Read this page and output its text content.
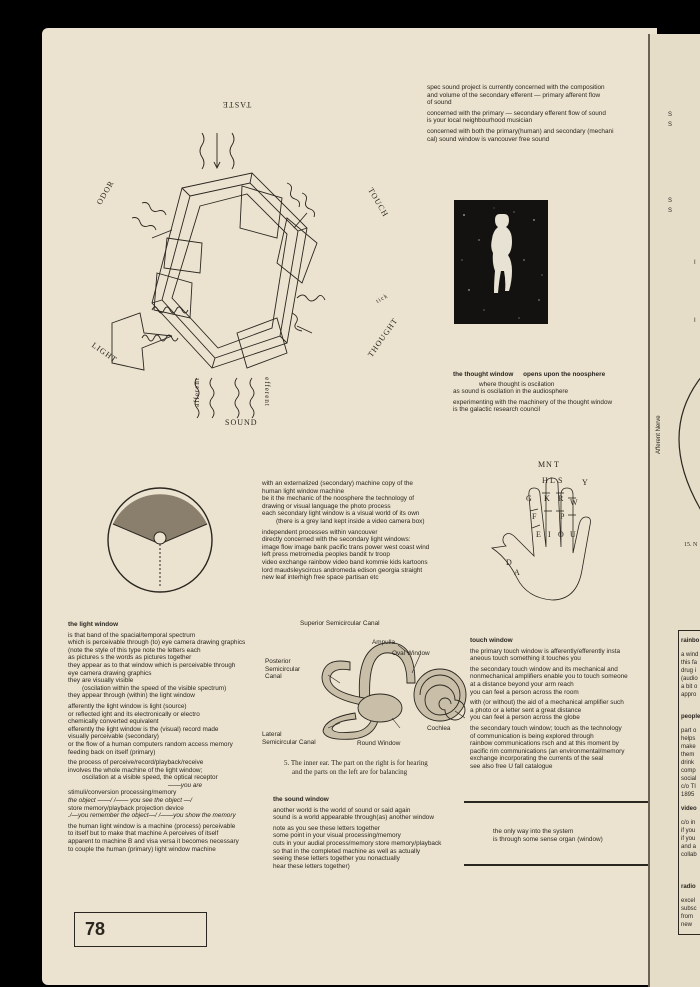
TASTE
ODOR	TOUCH
LIGHT	THOUGHT
SOUND
afferent	efferent
tick
spec sound project is currently concerned with the composition
and volume of the secondary efferent — primary afferent flow
of sound
concerned with the primary — secondary efferent flow of sound
is your local neighbourhood musician
concerned with both the primary(human) and secondary (mechani
cal) sound window is vancouver free sound
the thought window opens upon the noosphere
where thought is oscilation
as sound is oscilation in the audiosphere
experimenting with the machinery of the thought window
is the galactic research council
M N T
H L S Y
G K R W
P
F
E I O U
D
A
with an externalized (secondary) machine copy of the
human light window machine
be it the mechanic of the noosphere the technology of
drawing or visual language the photo process
each secondary light window is a visual world of its own
(there is a grey land kept inside a video camera box)
independent processes within vancouver
directly concerned with the secondary light windows:
image flow image bank pacific trans power west coast wind
left press metromedia peoples bandit tv troop
video exchange rainbow video band kommie kids kartoons
lord maudsleyscircus andromeda edison georgia straight
new leaf interhigh free space partisan etc
the light window
is that band of the spacial/temporal spectrum
which is perceivable through (to) eye camera drawing graphics
(note the style of this type note the letters each
as pictures s the words as pictures together
they appear as to that window which is perceivable through
eye camera drawing graphics
they are visually visible
(oscilation within the speed of the visible spectrum)
they appear through (within) the light window
afferently the light window is light (source)
or reflected ight and its electronically or electro
chemically converted equivalent
efferently the light window is the (visual) record made
visually perceivable (secondary)
or the flow of a human computers random access memory
feeding back on itself (primary)
the process of perceive/record/playback/receive
involves the whole machine of the light window;
oscilation at a visible speed, the optical receptor
——you are
stimuli/conversion processing/memory
the object ——/ /—— you see the object —/
store memory/playback projection device
./—you remember the object—/ /——you show the memory
the human light window is a machine (process) perceivable
to itself but to make that machine A perceives of itself
apparent to machine B and visa versa it becomes necessary
to couple the human (primary) light window machine
Superior Semicircular Canal
Ampulla
Oval Window
Posterior
Semicircular
Canal
Lateral
Semicircular Canal	Round Window
Cochlea
5. The inner ear. The part on the right is for hearing
and the parts on the left are for balancing
the sound window
another world is the world of sound or said again
sound is a world appearable through(as) another window
note as you see these letters together
some point in your visual processing/memory
cuts in your audial process/memory store memory/playback
so that in the completed machine as well as actually
seeing these letters together you nonactually
hear these letters together)
touch window
the primary touch window is afferently/efferently insta
aneous touch something it touches you
the secondary touch window and its mechanical and
nonmechanical amplifiers enable you to touch someone
at a distance beyond your arm reach
you can feel a person across the room
with (or without) the aid of a mechanical amplifier such
a photo or a letter sent a great distance
you can feel a person across the globe
the secondary touch window; touch as the technology
of communication is being explored through
rainbow communications rsch and at this moment by
pacific rim communications (an environmental/memory
exchange incorporating the currents of the seal
see also free U fall catalogue
the only way into the system
is through some sense organ (window)
78
S
S
S
S
I
I
Afferent Nerve
15. N
rainbo
a wind
this fa
drug i
(audio
a bit o
appro
people
part o
helps
make
them
drink
comp
social
c/o TI
1895
video
c/o in
if you
if you
and a
collab
radio
excel
subsc
from
new
